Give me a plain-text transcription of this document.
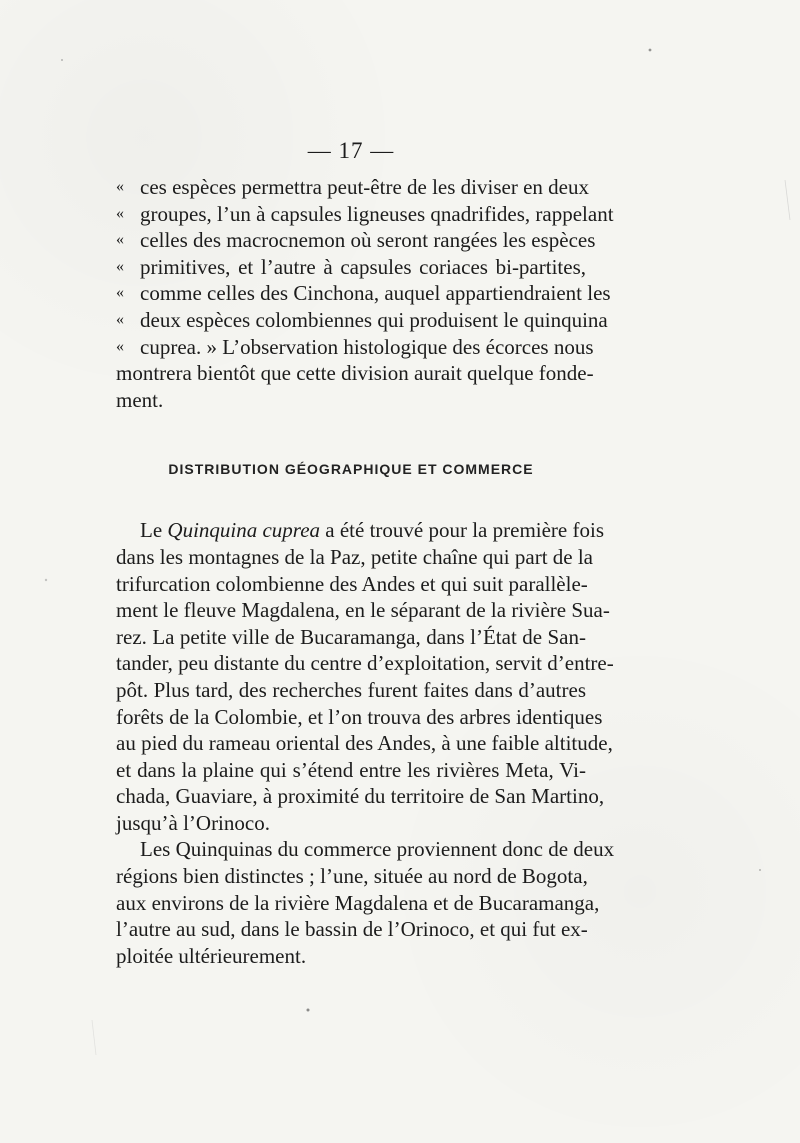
— 17 —
« ces espèces permettra peut-être de les diviser en deux
« groupes, l’un à capsules ligneuses qnadrifides, rappelant
« celles des macrocnemon où seront rangées les espèces
« primitives, et l’autre à capsules coriaces bi-partites,
« comme celles des Cinchona, auquel appartiendraient les
« deux espèces colombiennes qui produisent le quinquina
« cuprea. » L’observation histologique des écorces nous
montrera bientôt que cette division aurait quelque fonde-
ment.
DISTRIBUTION GÉOGRAPHIQUE ET COMMERCE
Le Quinquina cuprea a été trouvé pour la première fois
dans les montagnes de la Paz, petite chaîne qui part de la
trifurcation colombienne des Andes et qui suit parallèle-
ment le fleuve Magdalena, en le séparant de la rivière Sua-
rez. La petite ville de Bucaramanga, dans l’État de San-
tander, peu distante du centre d’exploitation, servit d’entre-
pôt. Plus tard, des recherches furent faites dans d’autres
forêts de la Colombie, et l’on trouva des arbres identiques
au pied du rameau oriental des Andes, à une faible altitude,
et dans la plaine qui s’étend entre les rivières Meta, Vi-
chada, Guaviare, à proximité du territoire de San Martino,
jusqu’à l’Orinoco.
Les Quinquinas du commerce proviennent donc de deux
régions bien distinctes ; l’une, située au nord de Bogota,
aux environs de la rivière Magdalena et de Bucaramanga,
l’autre au sud, dans le bassin de l’Orinoco, et qui fut ex-
ploitée ultérieurement.
